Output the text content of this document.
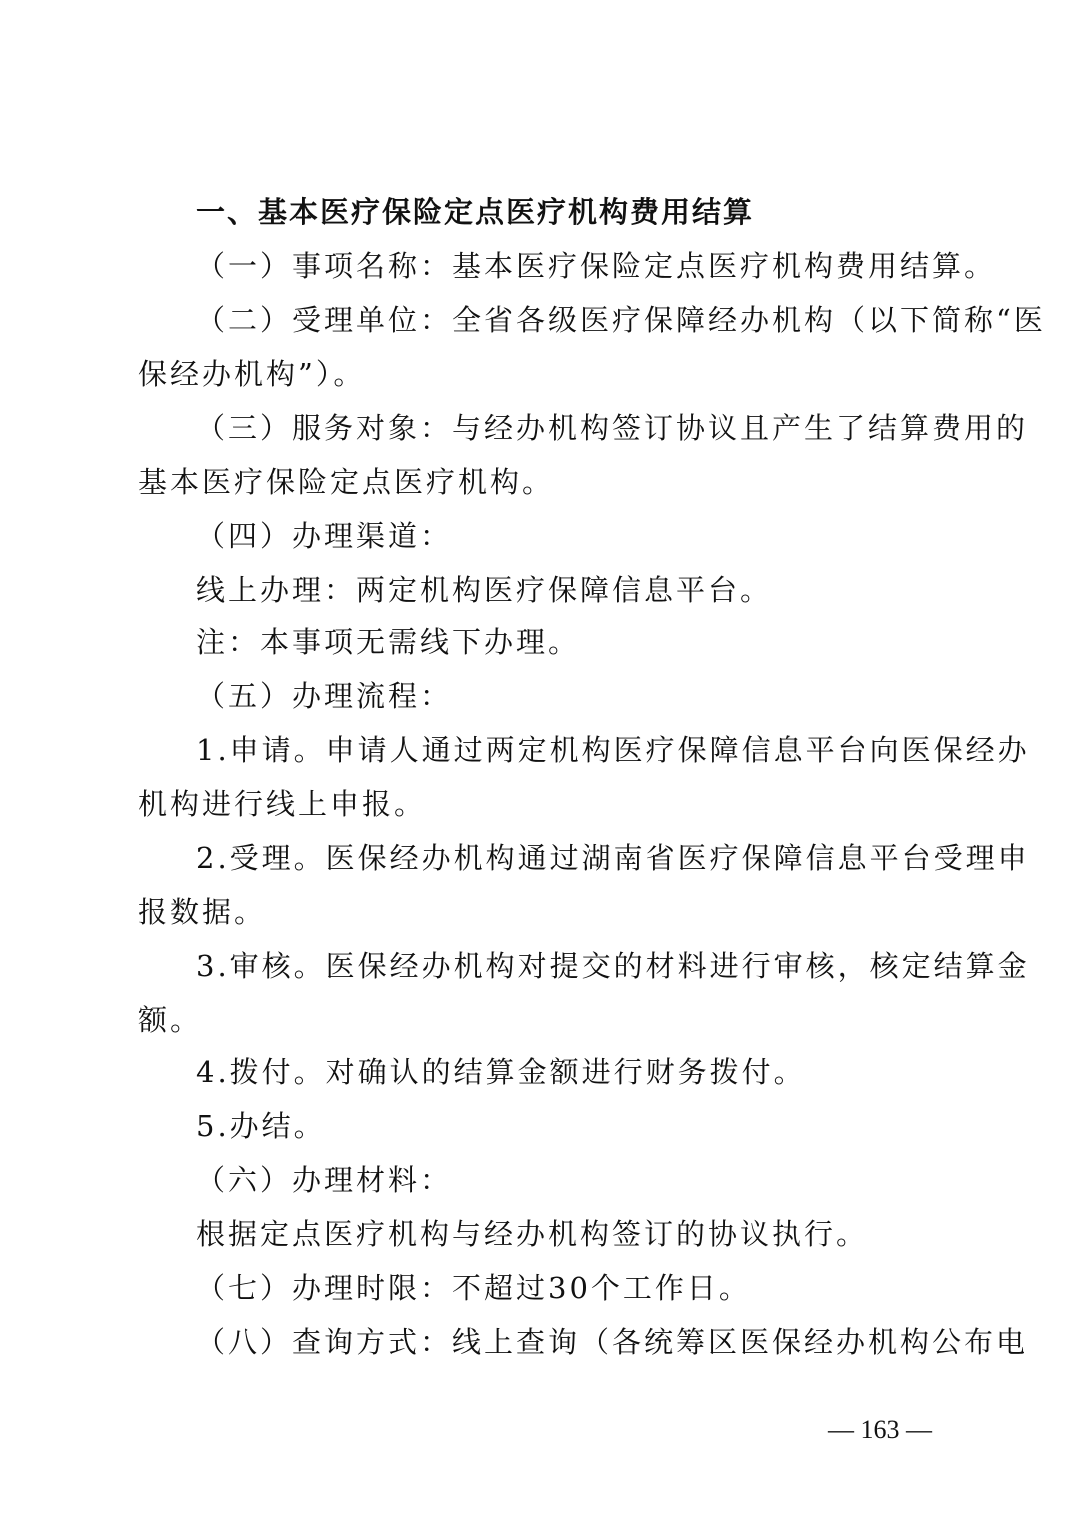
一、基本医疗保险定点医疗机构费用结算
（一）事项名称：基本医疗保险定点医疗机构费用结算。
（二）受理单位：全省各级医疗保障经办机构（以下简称“医
保经办机构”）。
（三）服务对象：与经办机构签订协议且产生了结算费用的
基本医疗保险定点医疗机构。
（四）办理渠道：
线上办理：两定机构医疗保障信息平台。
注：本事项无需线下办理。
（五）办理流程：
1.申请。申请人通过两定机构医疗保障信息平台向医保经办
机构进行线上申报。
2.受理。医保经办机构通过湖南省医疗保障信息平台受理申
报数据。
3.审核。医保经办机构对提交的材料进行审核，核定结算金
额。
4.拨付。对确认的结算金额进行财务拨付。
5.办结。
（六）办理材料：
根据定点医疗机构与经办机构签订的协议执行。
（七）办理时限：不超过30个工作日。
（八）查询方式：线上查询（各统筹区医保经办机构公布电
— 163 —
